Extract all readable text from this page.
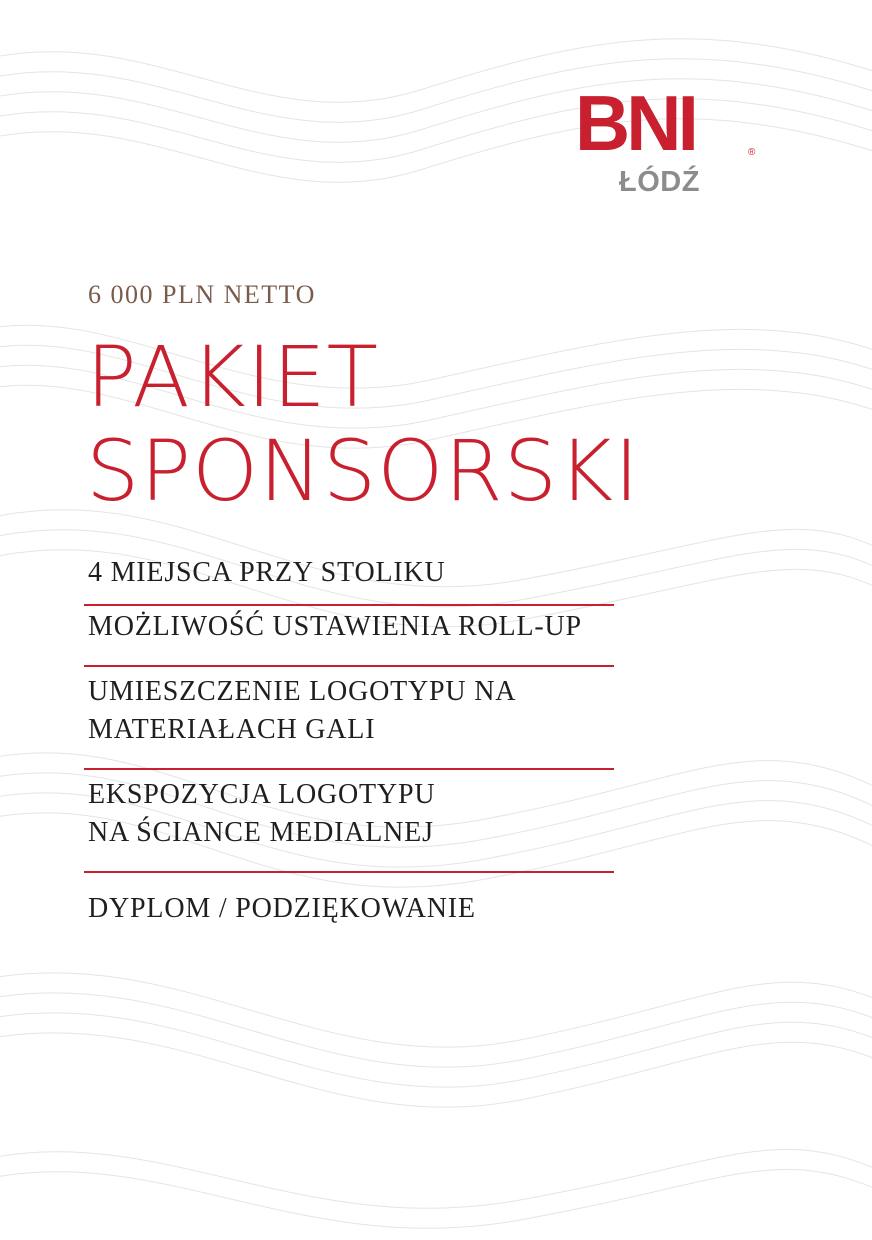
BNI	®
ŁÓDŹ
6 000 PLN NETTO
PAKIET
SPONSORSKI
4 MIEJSCA PRZY STOLIKU
MOŻLIWOŚĆ USTAWIENIA ROLL-UP
UMIESZCZENIE LOGOTYPU NA
MATERIAŁACH GALI
EKSPOZYCJA LOGOTYPU
NA ŚCIANCE MEDIALNEJ
DYPLOM / PODZIĘKOWANIE
